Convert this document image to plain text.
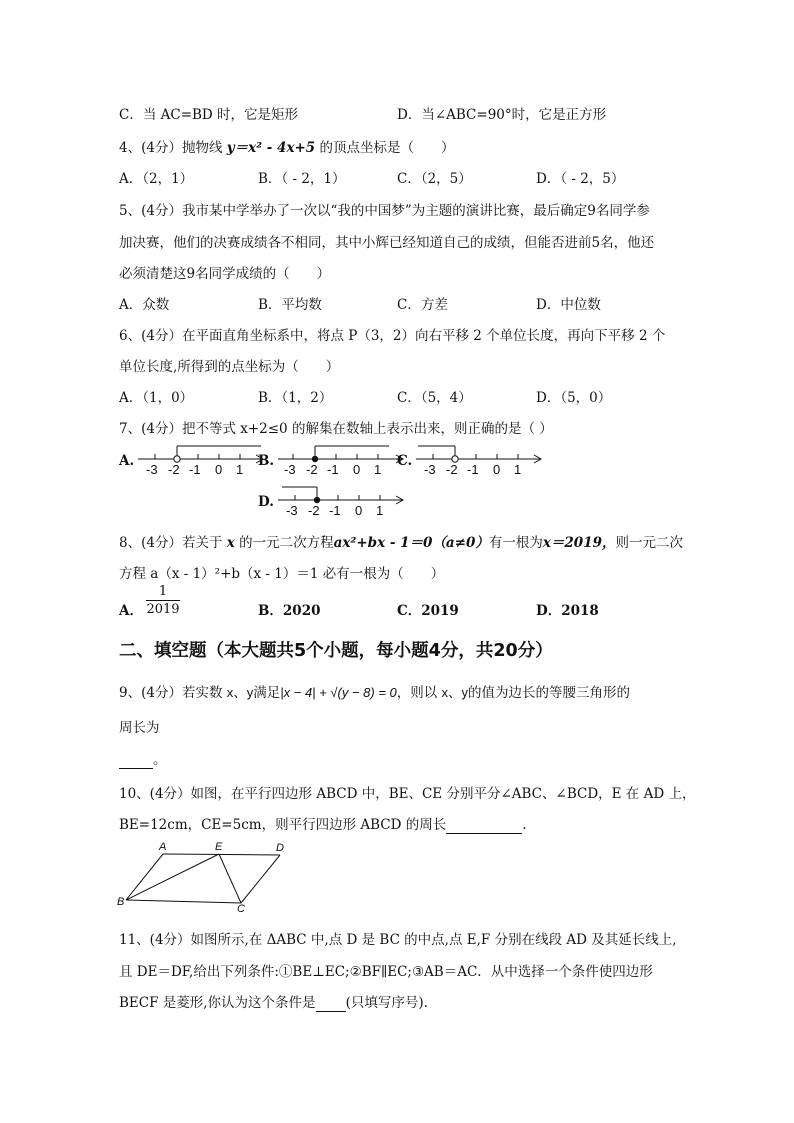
C．当 AC=BD 时，它是矩形	D．当∠ABC=90°时，它是正方形
4、(4分）抛物线 y＝x² - 4x+5 的顶点坐标是（　　）
A．（2，1）	B．（ - 2，1）	C．（2，5）	D．（ - 2，5）
5、(4分）我市某中学举办了一次以“我的中国梦”为主题的演讲比赛，最后确定9名同学参
加决赛，他们的决赛成绩各不相同，其中小辉已经知道自己的成绩，但能否进前5名，他还
必须清楚这9名同学成绩的（　　）
A．众数	B．平均数	C．方差	D．中位数
6、(4分）在平面直角坐标系中，将点 P（3，2）向右平移 2 个单位长度，再向下平移 2 个
单位长度,所得到的点坐标为（　　）
A．（1，0）	B．（1，2）	C．（5，4）	D．（5，0）
7、(4分）把不等式 x+2≤0 的解集在数轴上表示出来，则正确的是（ ）
A.	B.	C.
D.
-3 -2 -1 0 1	-3 -2 -1 0 1	-3 -2 -1 0 1
-3 -2 -1 0 1
8、(4分）若关于 x 的一元二次方程ax²+bx - 1＝0（a≠0）有一根为x＝2019，则一元二次
方程 a（x - 1）²+b（x - 1）＝1 必有一根为（　　）
A．
1
2019	B．2020	C．2019	D．2018
二、填空题（本大题共5个小题，每小题4分，共20分）
9、(4分）若实数 x、y满足|x − 4| + √(y − 8) = 0，则以 x、y的值为边长的等腰三角形的
周长为
。
10、(4分）如图，在平行四边形 ABCD 中，BE、CE 分别平分∠ABC、∠BCD，E 在 AD 上，
BE=12cm，CE=5cm，则平行四边形 ABCD 的周长	.
A	E	D
B
C
11、(4分）如图所示,在 ΔABC 中,点 D 是 BC 的中点,点 E,F 分别在线段 AD 及其延长线上,
且 DE＝DF,给出下列条件:①BE⊥EC;②BF∥EC;③AB＝AC．从中选择一个条件使四边形
BECF 是菱形,你认为这个条件是 (只填写序号).
